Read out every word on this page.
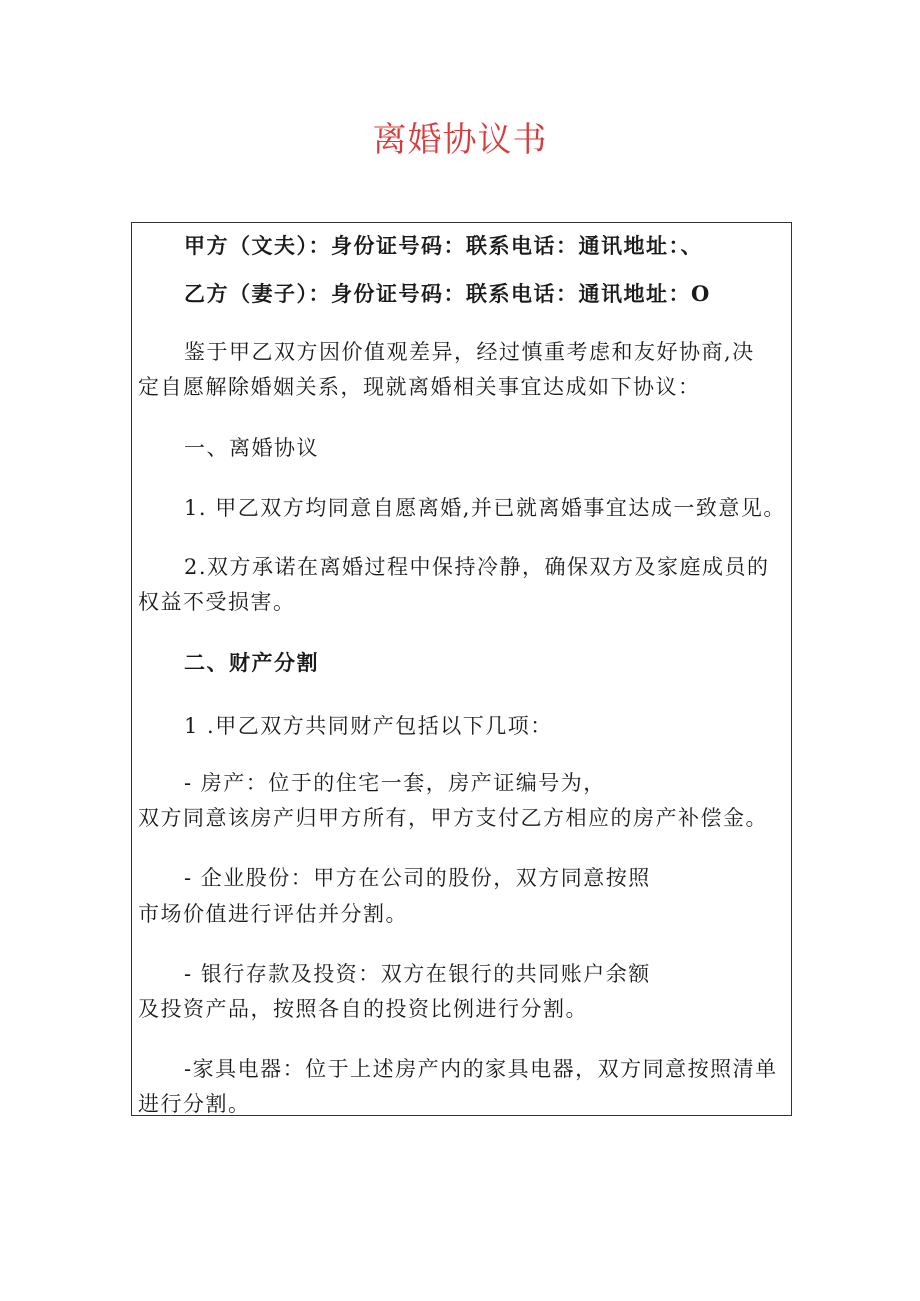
离婚协议书
甲方（文夫）：身份证号码：联系电话：通讯地址：、
乙方（妻子）：身份证号码：联系电话：通讯地址：O
鉴于甲乙双方因价值观差异，经过慎重考虑和友好协商,决
定自愿解除婚姻关系，现就离婚相关事宜达成如下协议：
一、离婚协议
1. 甲乙双方均同意自愿离婚,并已就离婚事宜达成一致意见。
2.双方承诺在离婚过程中保持冷静，确保双方及家庭成员的
权益不受损害。
二、财产分割
1 .甲乙双方共同财产包括以下几项：
- 房产：位于的住宅一套，房产证编号为，
双方同意该房产归甲方所有，甲方支付乙方相应的房产补偿金。
- 企业股份：甲方在公司的股份，双方同意按照
市场价值进行评估并分割。
- 银行存款及投资：双方在银行的共同账户余额
及投资产品，按照各自的投资比例进行分割。
-家具电器：位于上述房产内的家具电器，双方同意按照清单
进行分割。
